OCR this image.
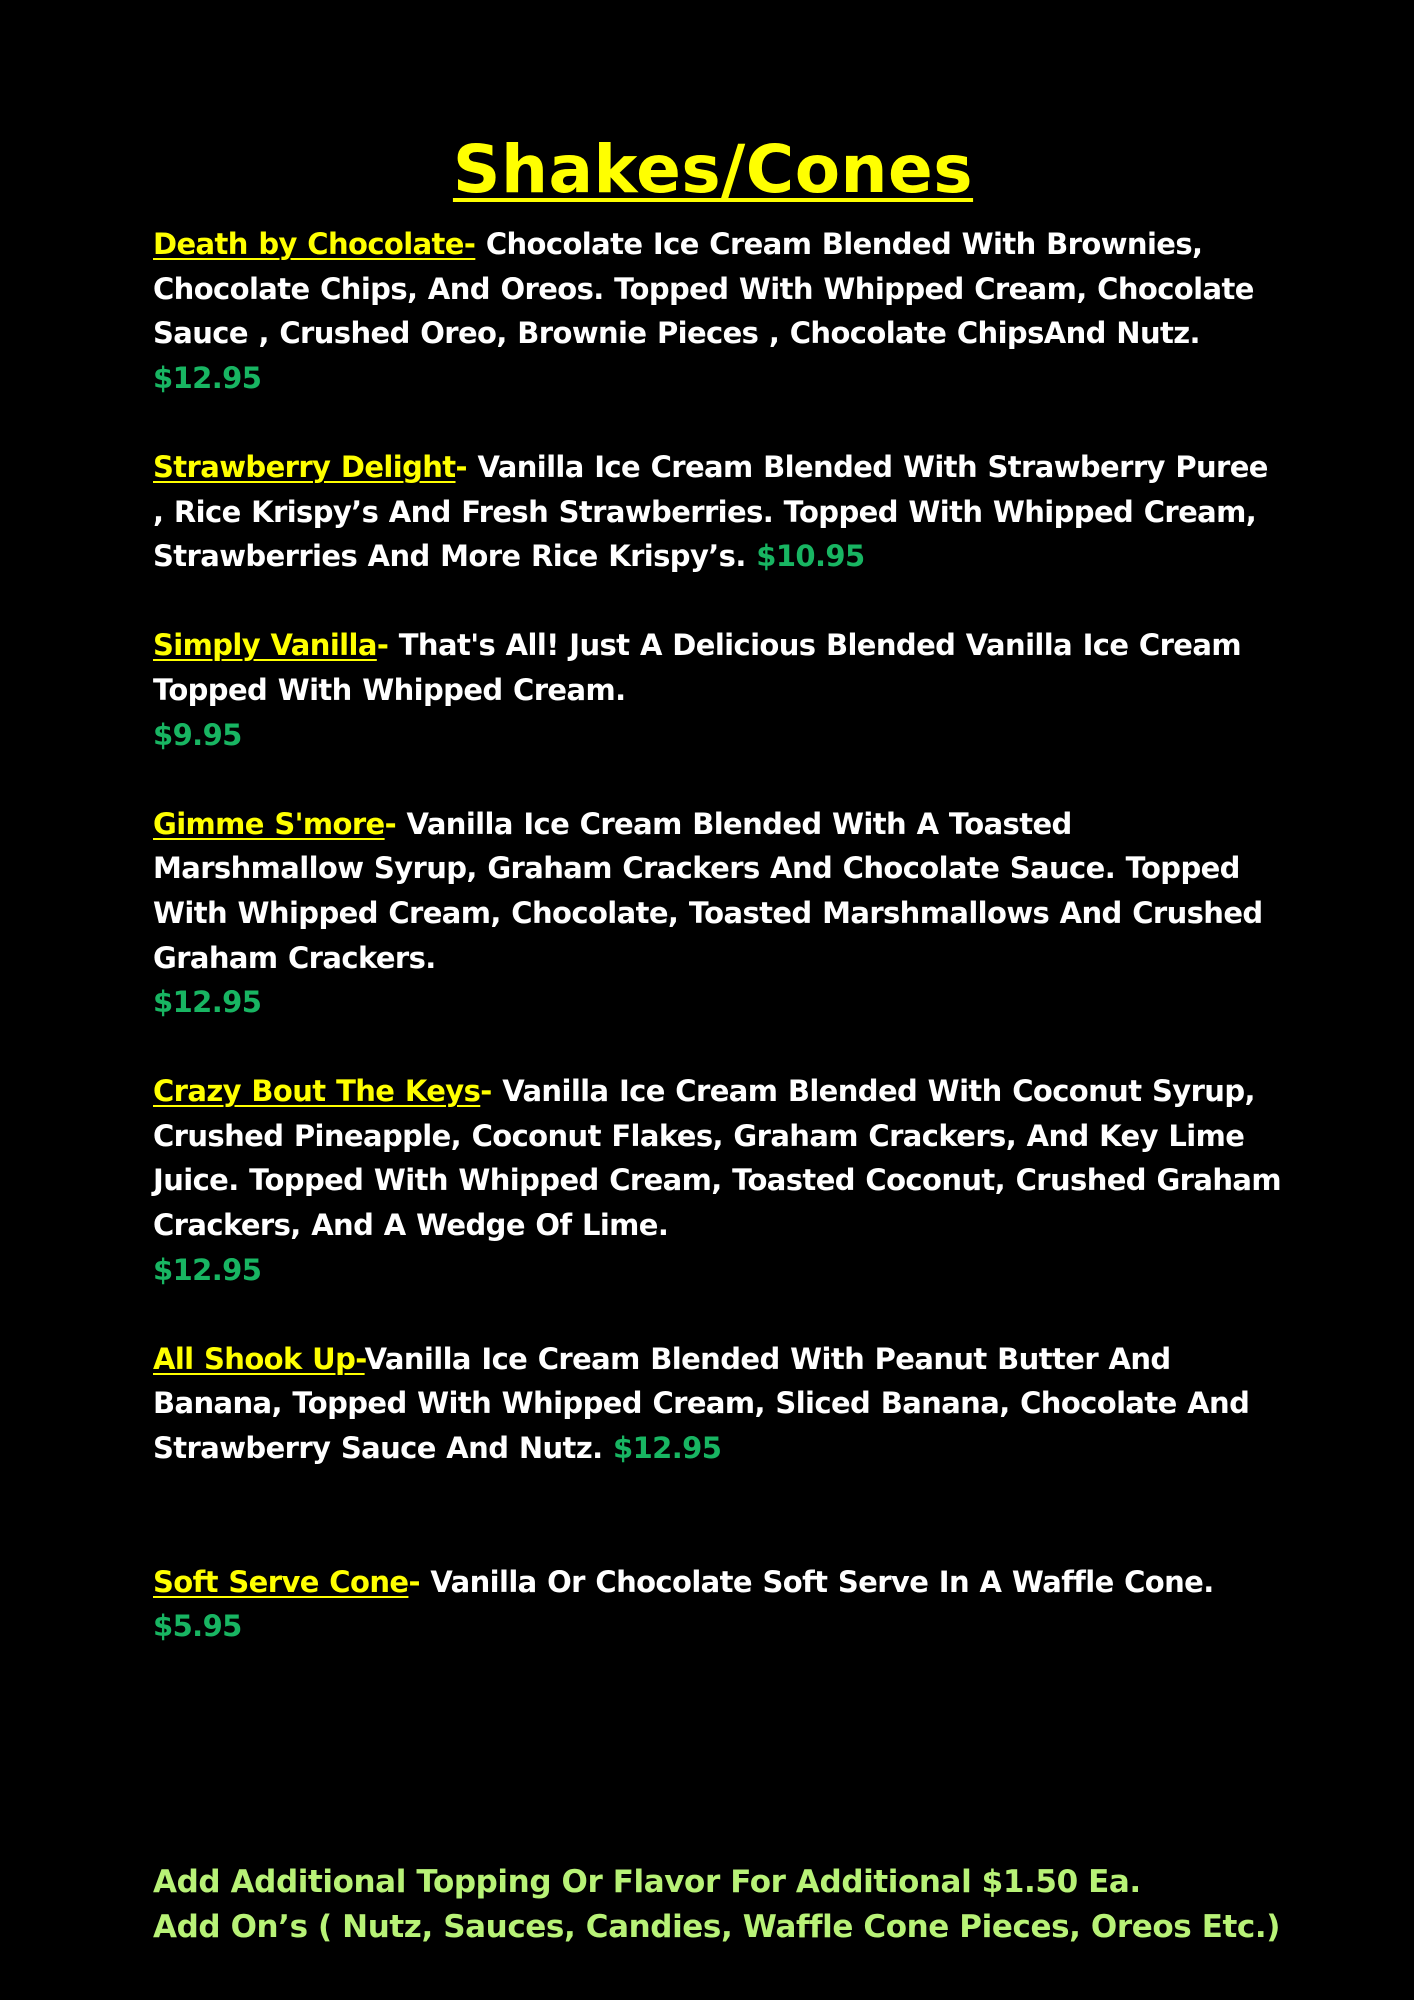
Shakes/Cones

Death by Chocolate- Chocolate Ice Cream Blended With Brownies, Chocolate Chips, And Oreos. Topped With Whipped Cream, Chocolate Sauce , Crushed Oreo, Brownie Pieces , Chocolate ChipsAnd Nutz. $12.95

Strawberry Delight- Vanilla Ice Cream Blended With Strawberry Puree , Rice Krispy’s And Fresh Strawberries. Topped With Whipped Cream, Strawberries And More Rice Krispy’s. $10.95

Simply Vanilla- That's All! Just A Delicious Blended Vanilla Ice Cream Topped With Whipped Cream.
$9.95

Gimme S'more- Vanilla Ice Cream Blended With A Toasted Marshmallow Syrup, Graham Crackers And Chocolate Sauce. Topped With Whipped Cream, Chocolate, Toasted Marshmallows And Crushed Graham Crackers.
$12.95

Crazy Bout The Keys- Vanilla Ice Cream Blended With Coconut Syrup, Crushed Pineapple, Coconut Flakes, Graham Crackers, And Key Lime Juice. Topped With Whipped Cream, Toasted Coconut, Crushed Graham Crackers, And A Wedge Of Lime.
$12.95

All Shook Up-Vanilla Ice Cream Blended With Peanut Butter And Banana, Topped With Whipped Cream, Sliced Banana, Chocolate And Strawberry Sauce And Nutz. $12.95

Soft Serve Cone- Vanilla Or Chocolate Soft Serve In A Waffle Cone. $5.95

Add Additional Topping Or Flavor For Additional $1.50 Ea.
Add On’s ( Nutz, Sauces, Candies, Waffle Cone Pieces, Oreos Etc.)
